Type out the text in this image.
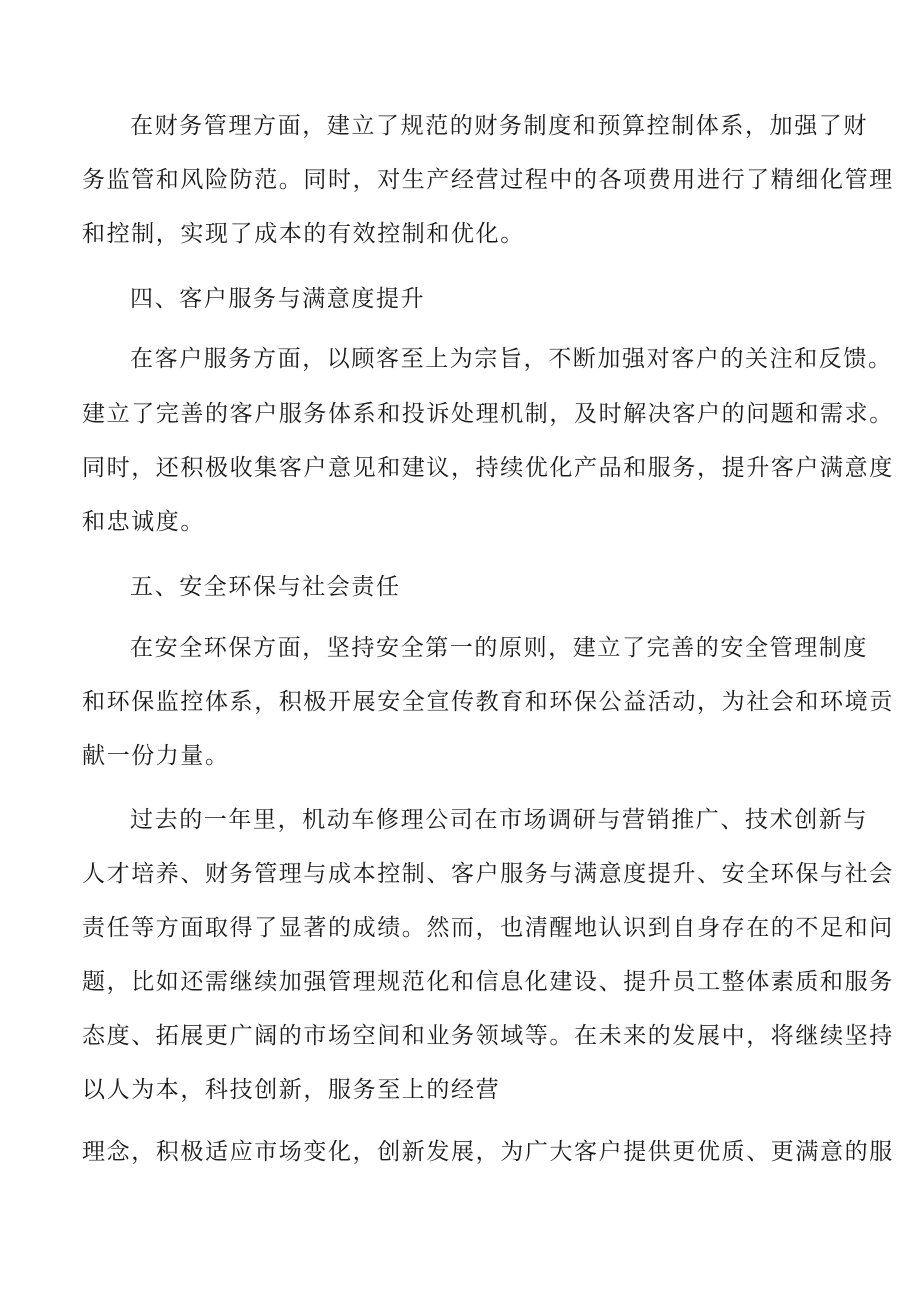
在财务管理方面，建立了规范的财务制度和预算控制体系，加强了财

务监管和风险防范。同时，对生产经营过程中的各项费用进行了精细化管理

和控制，实现了成本的有效控制和优化。

四、客户服务与满意度提升

在客户服务方面，以顾客至上为宗旨，不断加强对客户的关注和反馈。

建立了完善的客户服务体系和投诉处理机制，及时解决客户的问题和需求。

同时，还积极收集客户意见和建议，持续优化产品和服务，提升客户满意度

和忠诚度。

五、安全环保与社会责任

在安全环保方面，坚持安全第一的原则，建立了完善的安全管理制度

和环保监控体系，积极开展安全宣传教育和环保公益活动，为社会和环境贡

献一份力量。

过去的一年里，机动车修理公司在市场调研与营销推广、技术创新与

人才培养、财务管理与成本控制、客户服务与满意度提升、安全环保与社会

责任等方面取得了显著的成绩。然而，也清醒地认识到自身存在的不足和问

题，比如还需继续加强管理规范化和信息化建设、提升员工整体素质和服务

态度、拓展更广阔的市场空间和业务领域等。在未来的发展中，将继续坚持

以人为本，科技创新，服务至上的经营

理念，积极适应市场变化，创新发展，为广大客户提供更优质、更满意的服
